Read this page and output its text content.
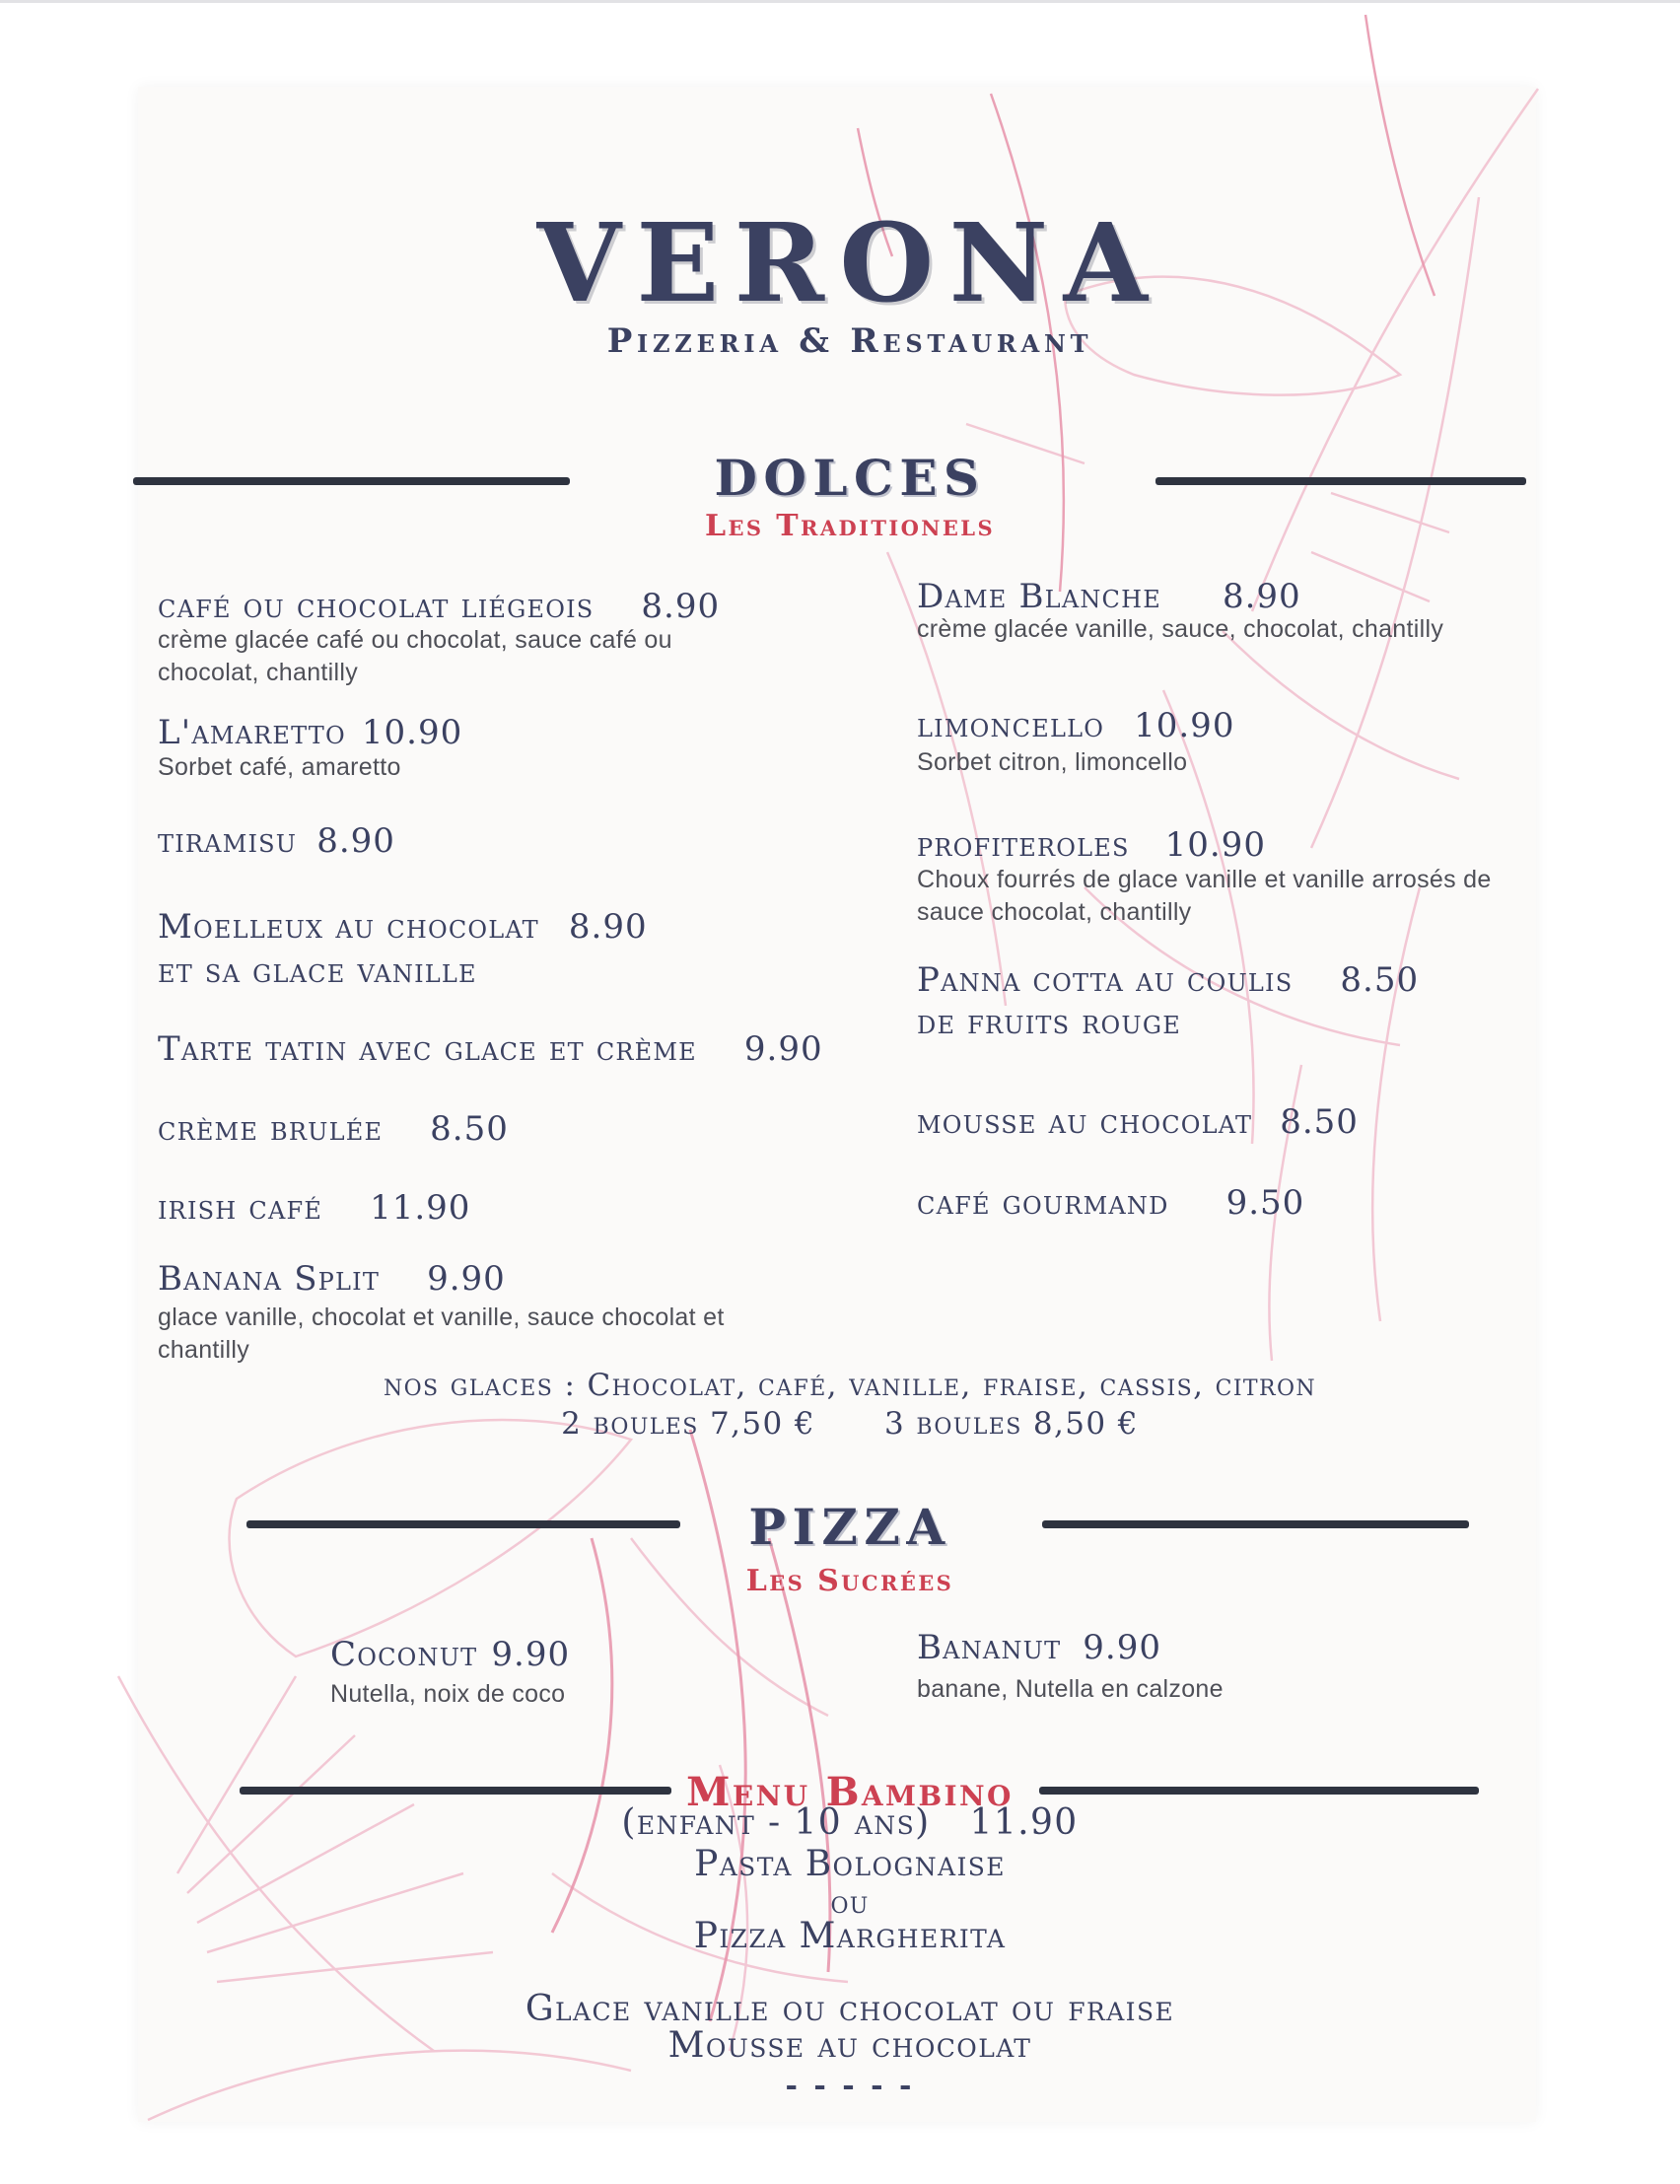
VERONA
Pizzeria & Restaurant
DOLCES
Les Traditionels
café ou chocolat liégeois 8.90
crème glacée café ou chocolat, sauce café ou chocolat, chantilly
L'amaretto 10.90
Sorbet café, amaretto
tiramisu 8.90
Moelleux au chocolat 8.90
et sa glace vanille
Tarte tatin avec glace et crème 9.90
crème brulée 8.50
irish café 11.90
Banana Split 9.90
glace vanille, chocolat et vanille, sauce chocolat et chantilly
Dame Blanche 8.90
crème glacée vanille, sauce, chocolat, chantilly
limoncello 10.90
Sorbet citron, limoncello
profiteroles 10.90
Choux fourrés de glace vanille et vanille arrosés de sauce chocolat, chantilly
Panna cotta au coulis 8.50
de fruits rouge
mousse au chocolat 8.50
café gourmand 9.50
nos glaces : Chocolat, café, vanille, fraise, cassis, citron
2 boules 7,50 € 3 boules 8,50 €
PIZZA
Les Sucrées
Coconut 9.90
Nutella, noix de coco
Bananut 9.90
banane, Nutella en calzone
Menu Bambino
(enfant - 10 ans) 11.90
Pasta Bolognaise
ou
Pizza Margherita
Glace vanille ou chocolat ou fraise
Mousse au chocolat
- - - - -
